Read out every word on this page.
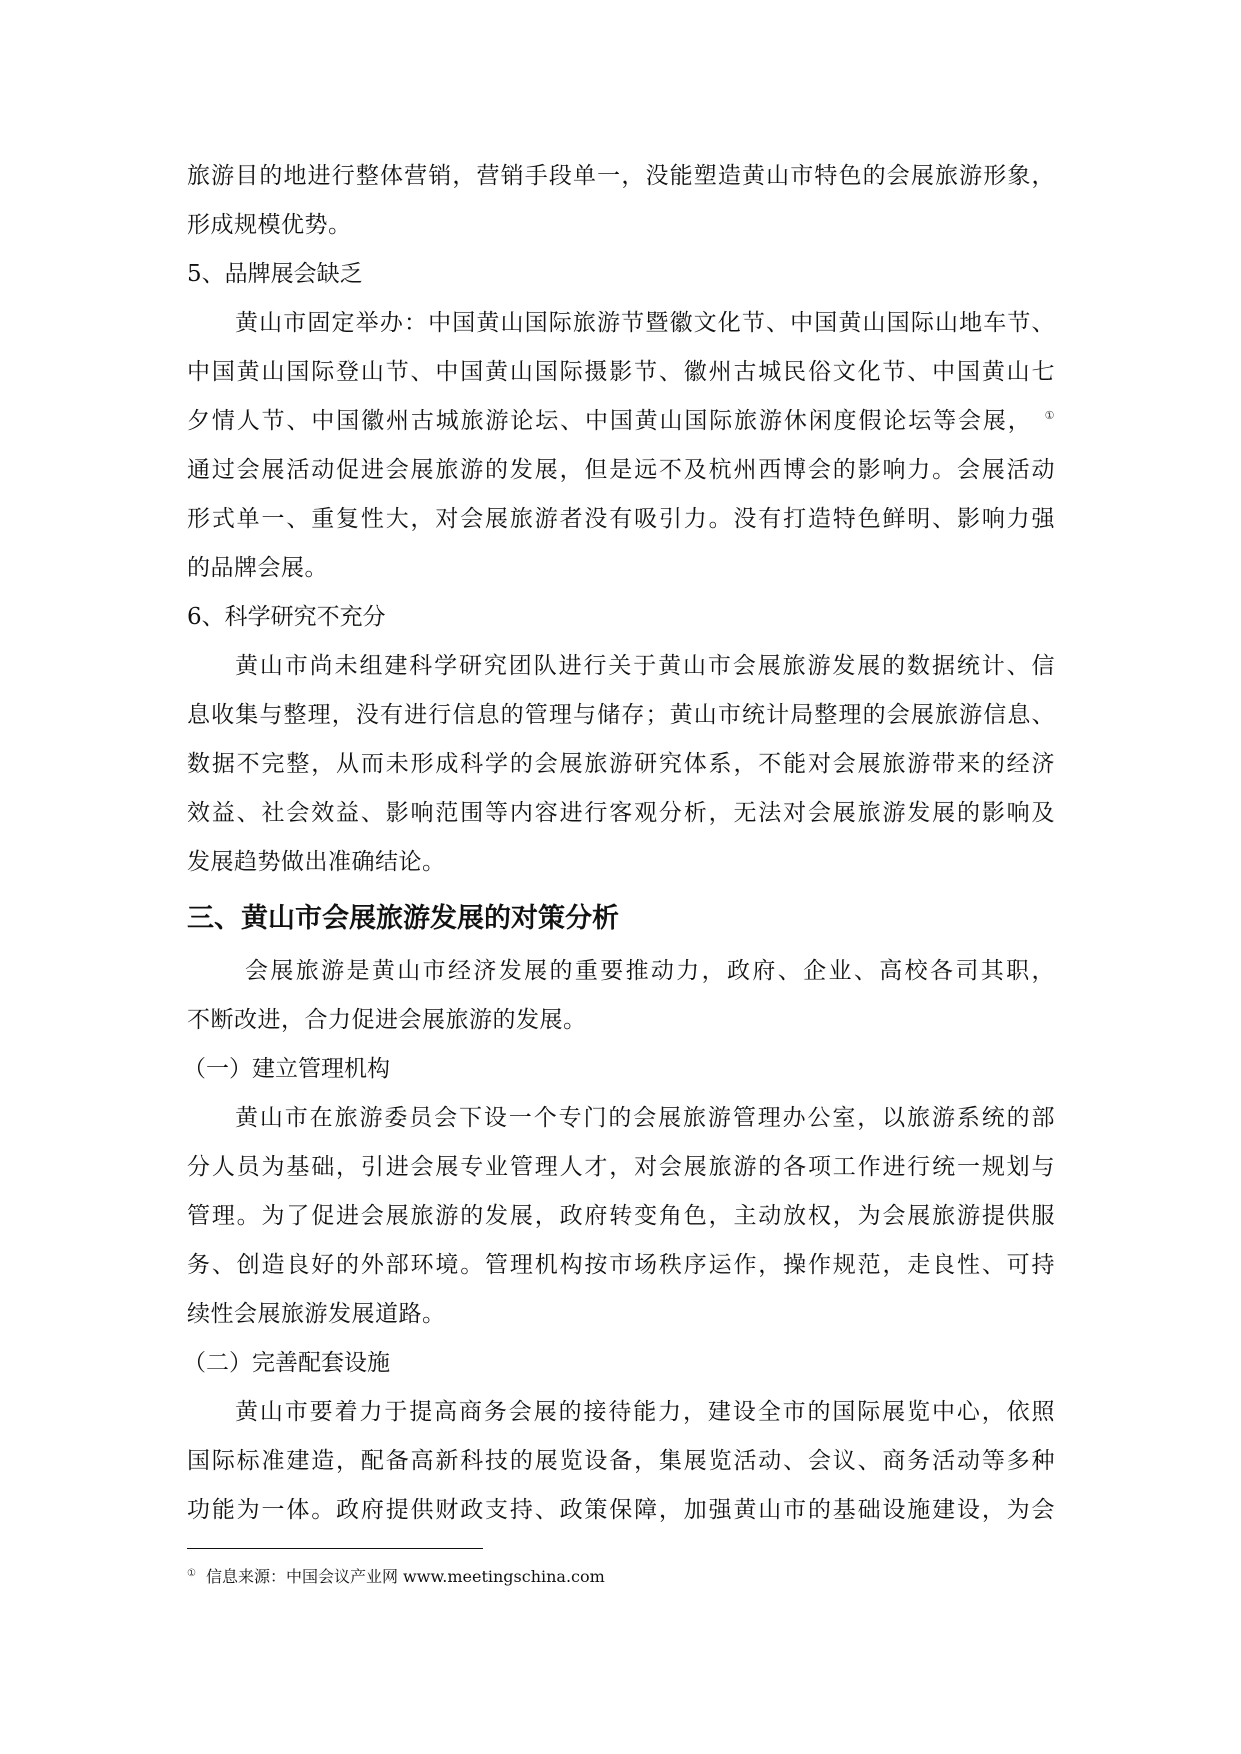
旅游目的地进行整体营销，营销手段单一，没能塑造黄山市特色的会展旅游形象，
形成规模优势。
5、品牌展会缺乏
黄山市固定举办：中国黄山国际旅游节暨徽文化节、中国黄山国际山地车节、
中国黄山国际登山节、中国黄山国际摄影节、徽州古城民俗文化节、中国黄山七
夕情人节、中国徽州古城旅游论坛、中国黄山国际旅游休闲度假论坛等会展， ①
通过会展活动促进会展旅游的发展，但是远不及杭州西博会的影响力。会展活动
形式单一、重复性大，对会展旅游者没有吸引力。没有打造特色鲜明、影响力强
的品牌会展。
6、科学研究不充分
黄山市尚未组建科学研究团队进行关于黄山市会展旅游发展的数据统计、信
息收集与整理，没有进行信息的管理与储存；黄山市统计局整理的会展旅游信息、
数据不完整，从而未形成科学的会展旅游研究体系，不能对会展旅游带来的经济
效益、社会效益、影响范围等内容进行客观分析，无法对会展旅游发展的影响及
发展趋势做出准确结论。
三、黄山市会展旅游发展的对策分析
会展旅游是黄山市经济发展的重要推动力，政府、企业、高校各司其职，
不断改进，合力促进会展旅游的发展。
（一）建立管理机构
黄山市在旅游委员会下设一个专门的会展旅游管理办公室，以旅游系统的部
分人员为基础，引进会展专业管理人才，对会展旅游的各项工作进行统一规划与
管理。为了促进会展旅游的发展，政府转变角色，主动放权，为会展旅游提供服
务、创造良好的外部环境。管理机构按市场秩序运作，操作规范，走良性、可持
续性会展旅游发展道路。
（二）完善配套设施
黄山市要着力于提高商务会展的接待能力，建设全市的国际展览中心，依照
国际标准建造，配备高新科技的展览设备，集展览活动、会议、商务活动等多种
功能为一体。政府提供财政支持、政策保障，加强黄山市的基础设施建设，为会
① 信息来源：中国会议产业网 www.meetingschina.com
